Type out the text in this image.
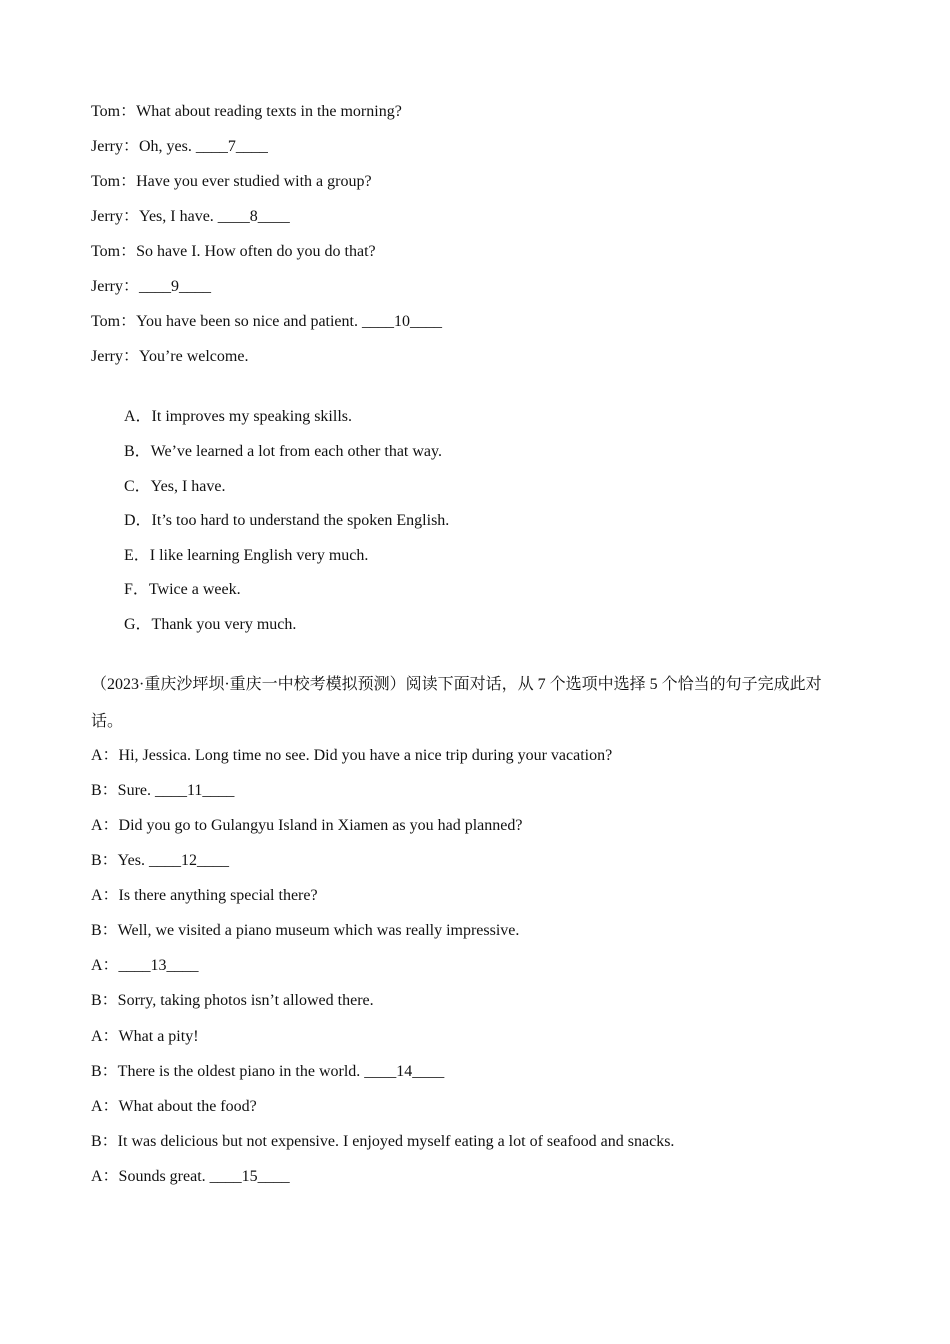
Tom：What about reading texts in the morning?
Jerry：Oh, yes. ____7____
Tom：Have you ever studied with a group?
Jerry：Yes, I have. ____8____
Tom：So have I. How often do you do that?
Jerry：____9____
Tom：You have been so nice and patient. ____10____
Jerry：You’re welcome.
A．It improves my speaking skills.
B．We’ve learned a lot from each other that way.
C．Yes, I have.
D．It’s too hard to understand the spoken English.
E．I like learning English very much.
F．Twice a week.
G．Thank you very much.
（2023·重庆沙坪坝·重庆一中校考模拟预测）阅读下面对话，从 7 个选项中选择 5 个恰当的句子完成此对
话。
A：Hi, Jessica. Long time no see. Did you have a nice trip during your vacation?
B：Sure. ____11____
A：Did you go to Gulangyu Island in Xiamen as you had planned?
B：Yes. ____12____
A：Is there anything special there?
B：Well, we visited a piano museum which was really impressive.
A：____13____
B：Sorry, taking photos isn’t allowed there.
A：What a pity!
B：There is the oldest piano in the world. ____14____
A：What about the food?
B：It was delicious but not expensive. I enjoyed myself eating a lot of seafood and snacks.
A：Sounds great. ____15____
